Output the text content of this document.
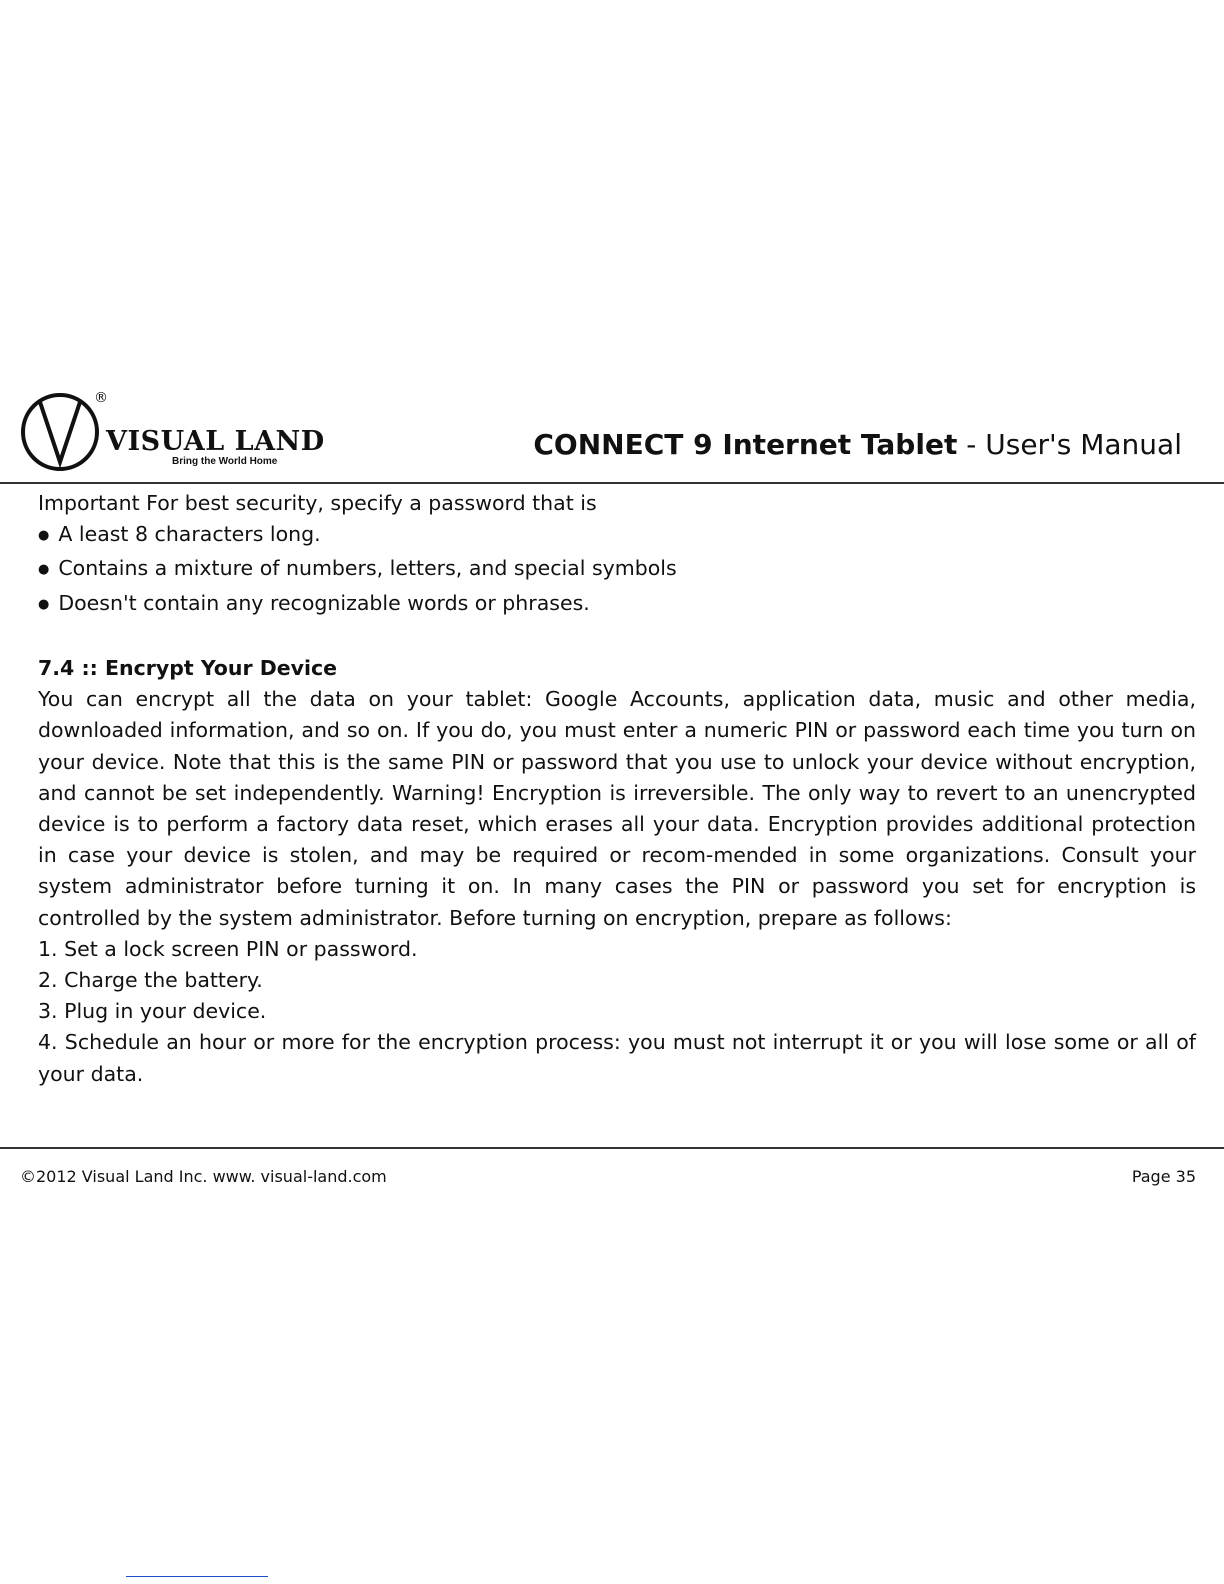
®
VISUAL LAND
Bring the World Home
CONNECT 9 Internet Tablet - User's Manual

Important For best security, specify a password that is

● A least 8 characters long.

● Contains a mixture of numbers, letters, and special symbols

● Doesn't contain any recognizable words or phrases.

7.4 :: Encrypt Your Device

You can encrypt all the data on your tablet: Google Accounts, application data, music and other media, downloaded information, and so on. If you do, you must enter a numeric PIN or password each time you turn on your device. Note that this is the same PIN or password that you use to unlock your device without encryption, and cannot be set independently. Warning! Encryption is irreversible. The only way to revert to an unencrypted device is to perform a factory data reset, which erases all your data. Encryption provides additional protection in case your device is stolen, and may be required or recom-mended in some organizations. Consult your system administrator before turning it on. In many cases the PIN or password you set for encryption is controlled by the system administrator. Before turning on encryption, prepare as follows:

1. Set a lock screen PIN or password.

2. Charge the battery.

3. Plug in your device.

4. Schedule an hour or more for the encryption process: you must not interrupt it or you will lose some or all of your data.

©2012 Visual Land Inc. www. visual-land.com	Page 35
